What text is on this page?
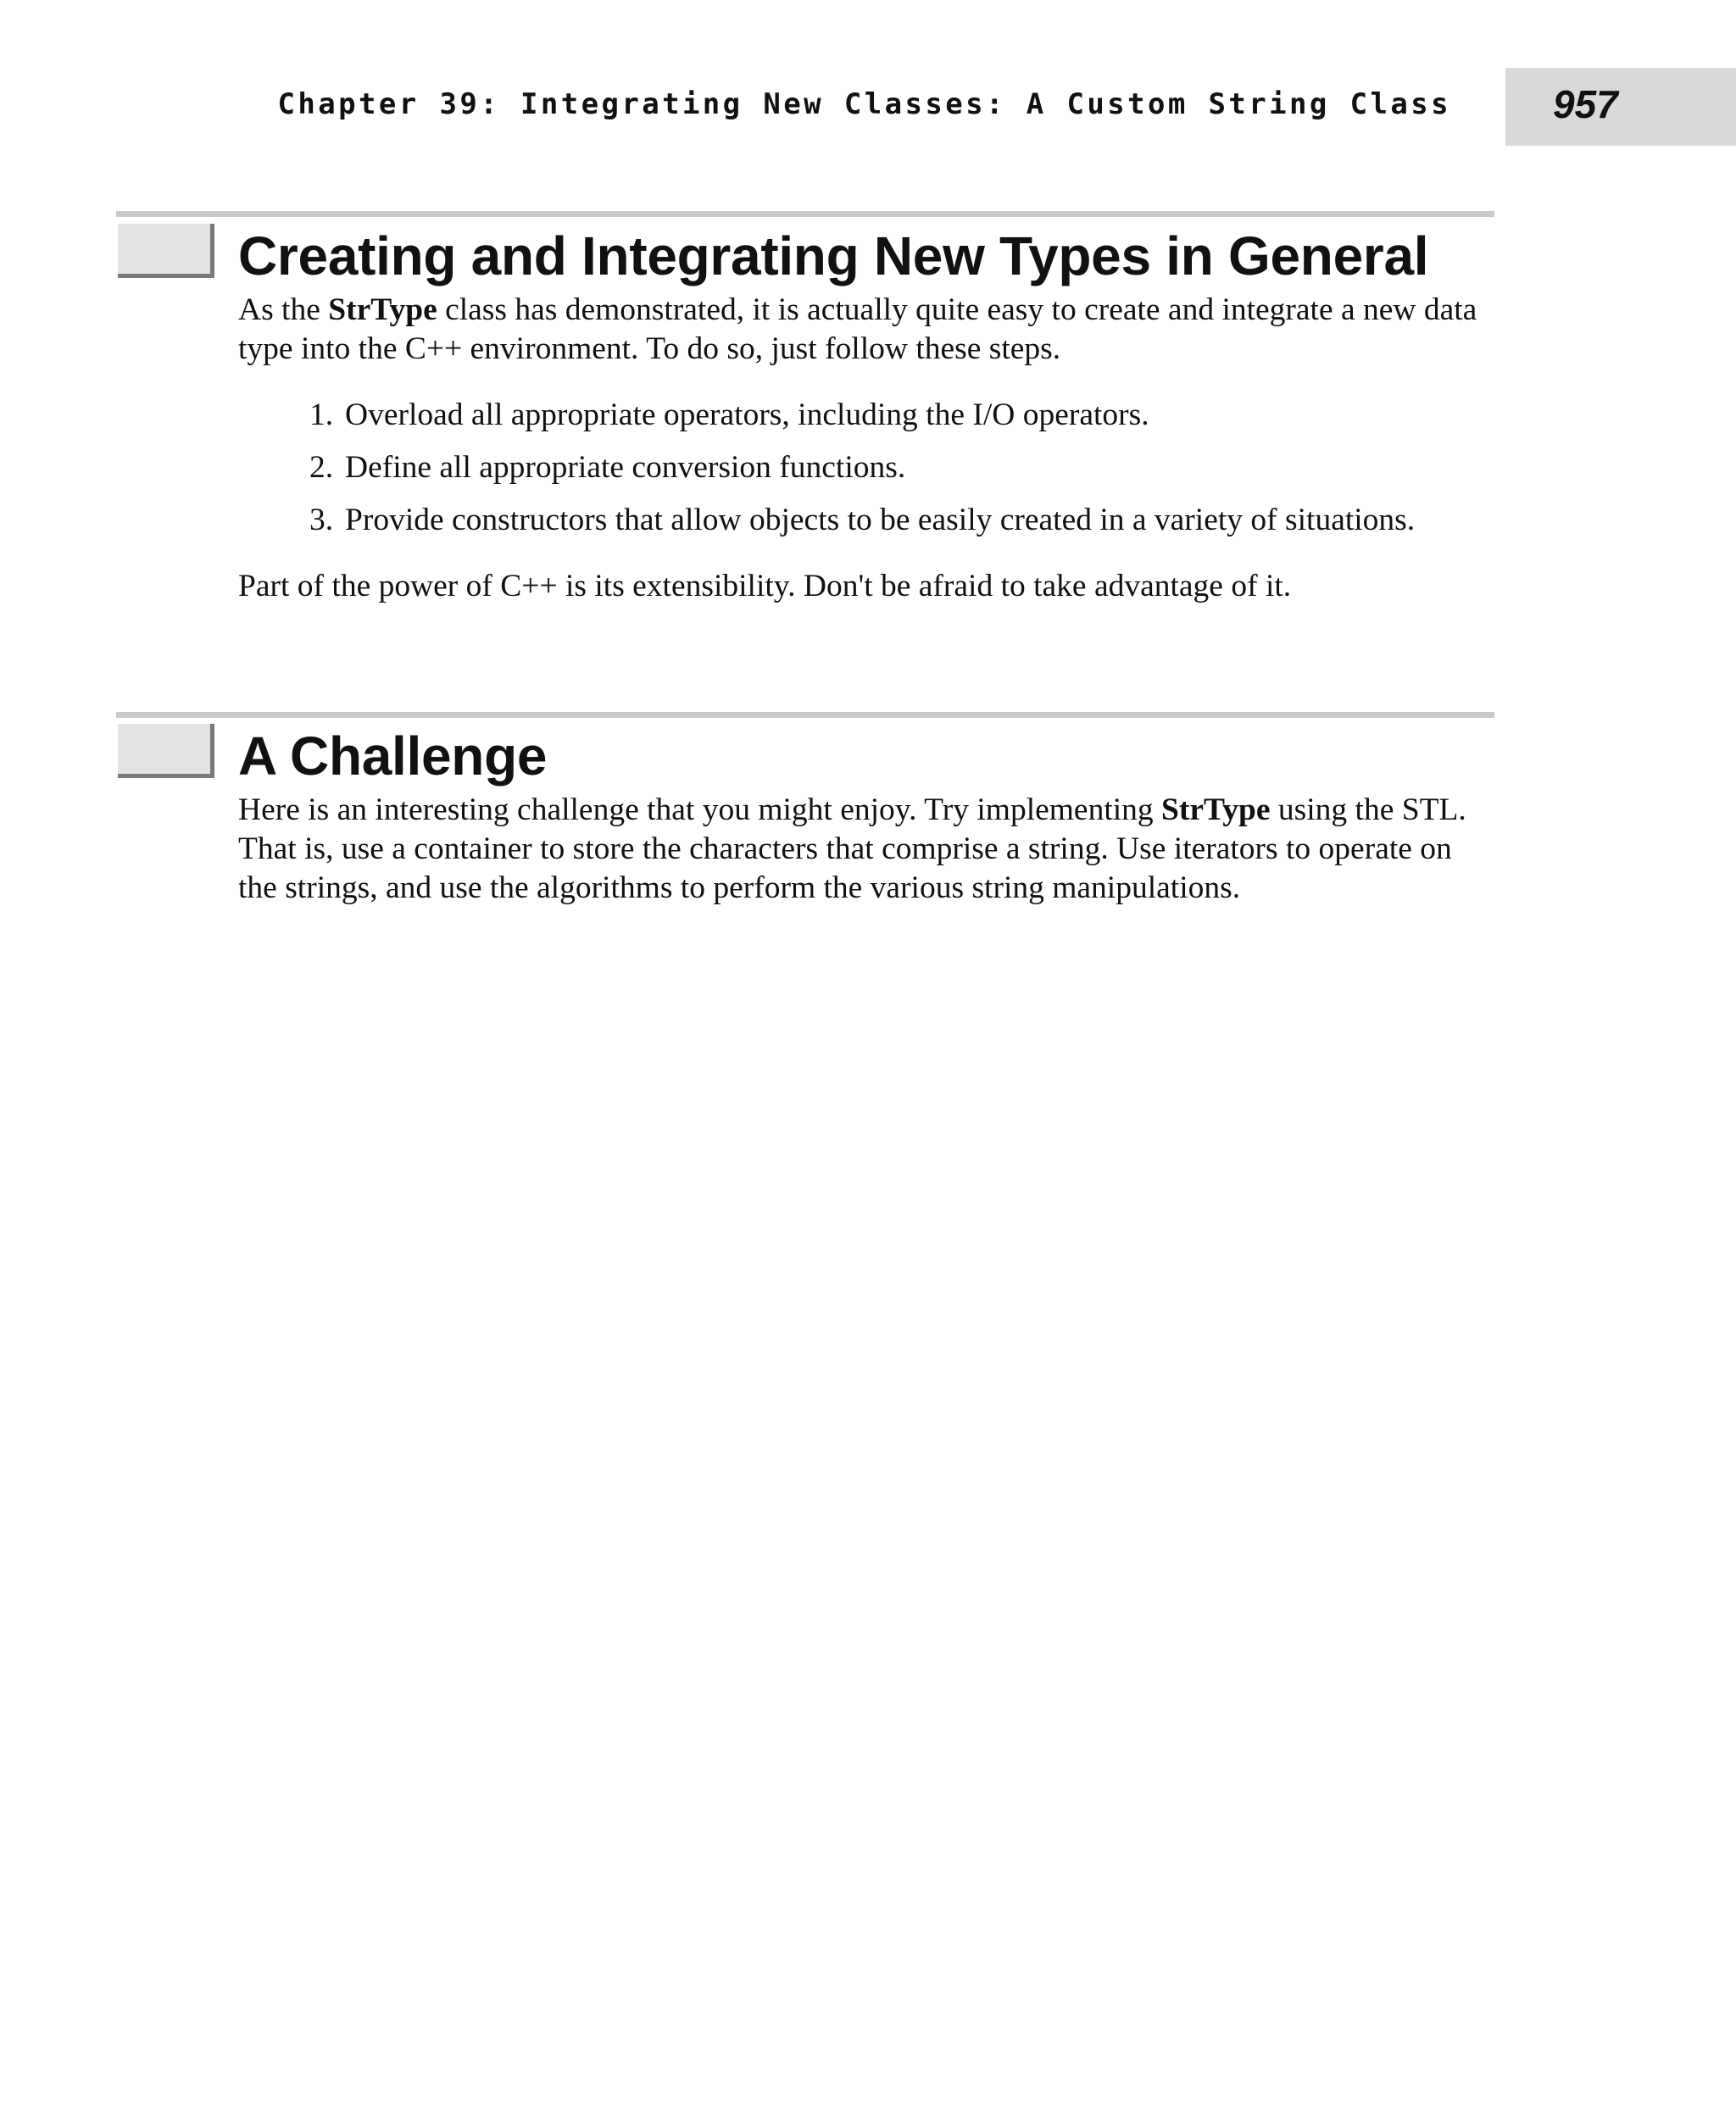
Chapter 39: Integrating New Classes: A Custom String Class	957
Creating and Integrating New Types in General

As the StrType class has demonstrated, it is actually quite easy to create and integrate a new data type into the C++ environment. To do so, just follow these steps.

1. Overload all appropriate operators, including the I/O operators.
2. Define all appropriate conversion functions.
3. Provide constructors that allow objects to be easily created in a variety of situations.

Part of the power of C++ is its extensibility. Don't be afraid to take advantage of it.

A Challenge

Here is an interesting challenge that you might enjoy. Try implementing StrType using the STL. That is, use a container to store the characters that comprise a string. Use iterators to operate on the strings, and use the algorithms to perform the various string manipulations.
